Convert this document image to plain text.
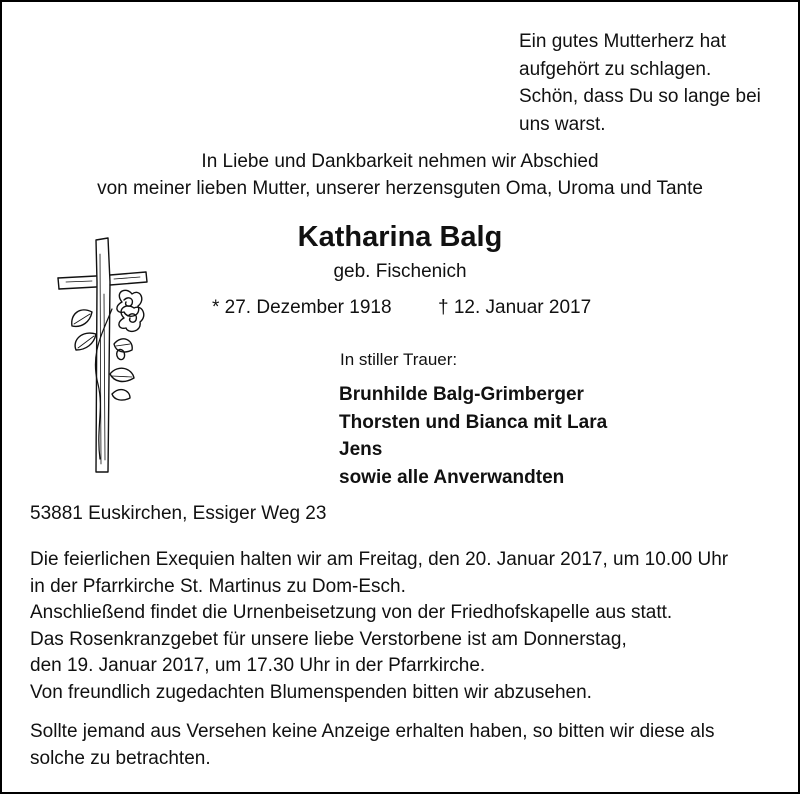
Ein gutes Mutterherz hat
aufgehört zu schlagen.
Schön, dass Du so lange bei
uns warst.
In Liebe und Dankbarkeit nehmen wir Abschied
von meiner lieben Mutter, unserer herzensguten Oma, Uroma und Tante
Katharina Balg
geb. Fischenich
* 27. Dezember 1918 † 12. Januar 2017
In stiller Trauer:
Brunhilde Balg-Grimberger
Thorsten und Bianca mit Lara
Jens
sowie alle Anverwandten
53881 Euskirchen, Essiger Weg 23
Die feierlichen Exequien halten wir am Freitag, den 20. Januar 2017, um 10.00 Uhr
in der Pfarrkirche St. Martinus zu Dom-Esch.
Anschließend findet die Urnenbeisetzung von der Friedhofskapelle aus statt.
Das Rosenkranzgebet für unsere liebe Verstorbene ist am Donnerstag,
den 19. Januar 2017, um 17.30 Uhr in der Pfarrkirche.
Von freundlich zugedachten Blumenspenden bitten wir abzusehen.
Sollte jemand aus Versehen keine Anzeige erhalten haben, so bitten wir diese als
solche zu betrachten.
